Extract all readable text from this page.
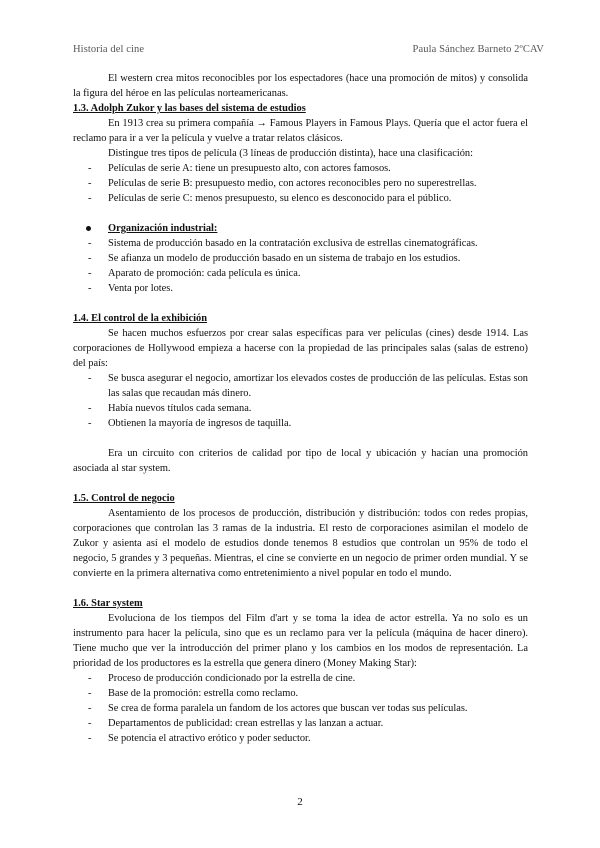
Historia del cine	Paula Sánchez Barneto 2ºCAV

El western crea mitos reconocibles por los espectadores (hace una promoción de mitos) y consolida la figura del héroe en las películas norteamericanas.

1.3. Adolph Zukor y las bases del sistema de estudios

En 1913 crea su primera compañía → Famous Players in Famous Plays. Quería que el actor fuera el reclamo para ir a ver la película y vuelve a tratar relatos clásicos.

Distingue tres tipos de película (3 líneas de producción distinta), hace una clasificación:

- Películas de serie A: tiene un presupuesto alto, con actores famosos.
- Películas de serie B: presupuesto medio, con actores reconocibles pero no superestrellas.
- Películas de serie C: menos presupuesto, su elenco es desconocido para el público.

Organización industrial:

- Sistema de producción basado en la contratación exclusiva de estrellas cinematográficas.
- Se afianza un modelo de producción basado en un sistema de trabajo en los estudios.
- Aparato de promoción: cada película es única.
- Venta por lotes.

1.4. El control de la exhibición

Se hacen muchos esfuerzos por crear salas específicas para ver películas (cines) desde 1914. Las corporaciones de Hollywood empieza a hacerse con la propiedad de las principales salas (salas de estreno) del país:

- Se busca asegurar el negocio, amortizar los elevados costes de producción de las películas. Estas son las salas que recaudan más dinero.
- Había nuevos títulos cada semana.
- Obtienen la mayoría de ingresos de taquilla.

Era un circuito con criterios de calidad por tipo de local y ubicación y hacían una promoción asociada al star system.

1.5. Control de negocio

Asentamiento de los procesos de producción, distribución y distribución: todos con redes propias, corporaciones que controlan las 3 ramas de la industria. El resto de corporaciones asimilan el modelo de Zukor y asienta así el modelo de estudios donde tenemos 8 estudios que controlan un 95% de todo el negocio, 5 grandes y 3 pequeñas. Mientras, el cine se convierte en un negocio de primer orden mundial. Y se convierte en la primera alternativa como entretenimiento a nivel popular en todo el mundo.

1.6. Star system

Evoluciona de los tiempos del Film d'art y se toma la idea de actor estrella. Ya no solo es un instrumento para hacer la película, sino que es un reclamo para ver la película (máquina de hacer dinero). Tiene mucho que ver la introducción del primer plano y los cambios en los modos de representación. La prioridad de los productores es la estrella que genera dinero (Money Making Star):

- Proceso de producción condicionado por la estrella de cine.
- Base de la promoción: estrella como reclamo.
- Se crea de forma paralela un fandom de los actores que buscan ver todas sus películas.
- Departamentos de publicidad: crean estrellas y las lanzan a actuar.
- Se potencia el atractivo erótico y poder seductor.
2
